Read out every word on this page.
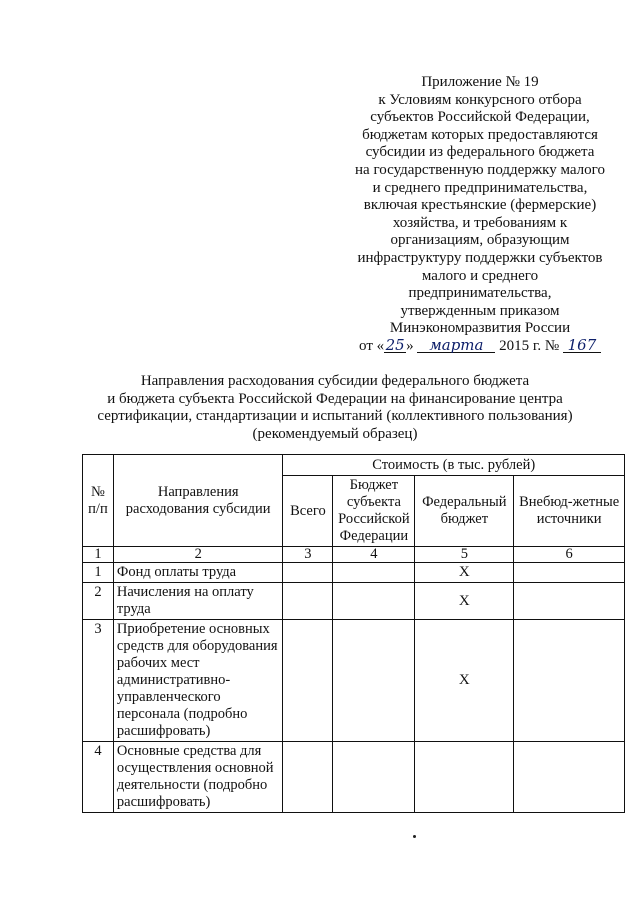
Приложение № 19
к Условиям конкурсного отбора
субъектов Российской Федерации,
бюджетам которых предоставляются
субсидии из федерального бюджета
на государственную поддержку малого
и среднего предпринимательства,
включая крестьянские (фермерские)
хозяйства, и требованиям к
организациям, образующим
инфраструктуру поддержки субъектов
малого и среднего
предпринимательства,
утвержденным приказом
Минэкономразвития России
от «25» марта 2015 г. № 167
Направления расходования субсидии федерального бюджета
и бюджета субъекта Российской Федерации на финансирование центра
сертификации, стандартизации и испытаний (коллективного пользования)
(рекомендуемый образец)
№ п/п	Направления расходования субсидии	Стоимость (в тыс. рублей)			
		Всего	Бюджет субъекта Российской Федерации	Федеральный бюджет	Внебюд-жетные источники
1	2	3	4	5	6
1	Фонд оплаты труда			X	
2	Начисления на оплату труда			X	
3	Приобретение основных средств для оборудования рабочих мест административно-управленческого персонала (подробно расшифровать)			X	
4	Основные средства для осуществления основной деятельности (подробно расшифровать)				
